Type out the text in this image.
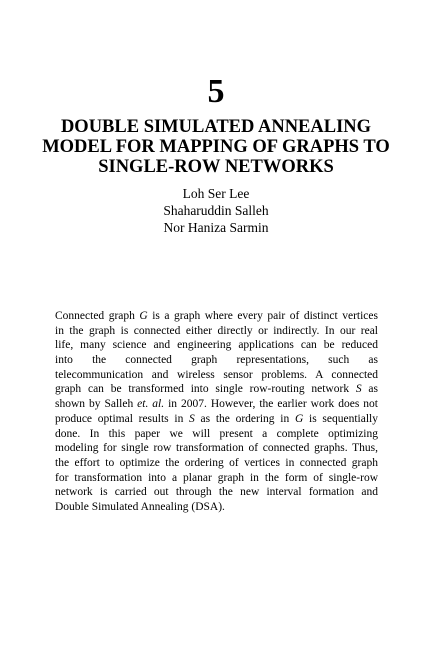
5
DOUBLE SIMULATED ANNEALING
MODEL FOR MAPPING OF GRAPHS TO
SINGLE-ROW NETWORKS
Loh Ser Lee
Shaharuddin Salleh
Nor Haniza Sarmin
Connected graph G is a graph where every pair of distinct vertices
in the graph is connected either directly or indirectly. In our real
life, many science and engineering applications can be reduced
into the connected graph representations, such as
telecommunication and wireless sensor problems. A connected
graph can be transformed into single row-routing network S as
shown by Salleh et. al. in 2007. However, the earlier work does not
produce optimal results in S as the ordering in G is sequentially
done. In this paper we will present a complete optimizing
modeling for single row transformation of connected graphs. Thus,
the effort to optimize the ordering of vertices in connected graph
for transformation into a planar graph in the form of single-row
network is carried out through the new interval formation and
Double Simulated Annealing (DSA).
